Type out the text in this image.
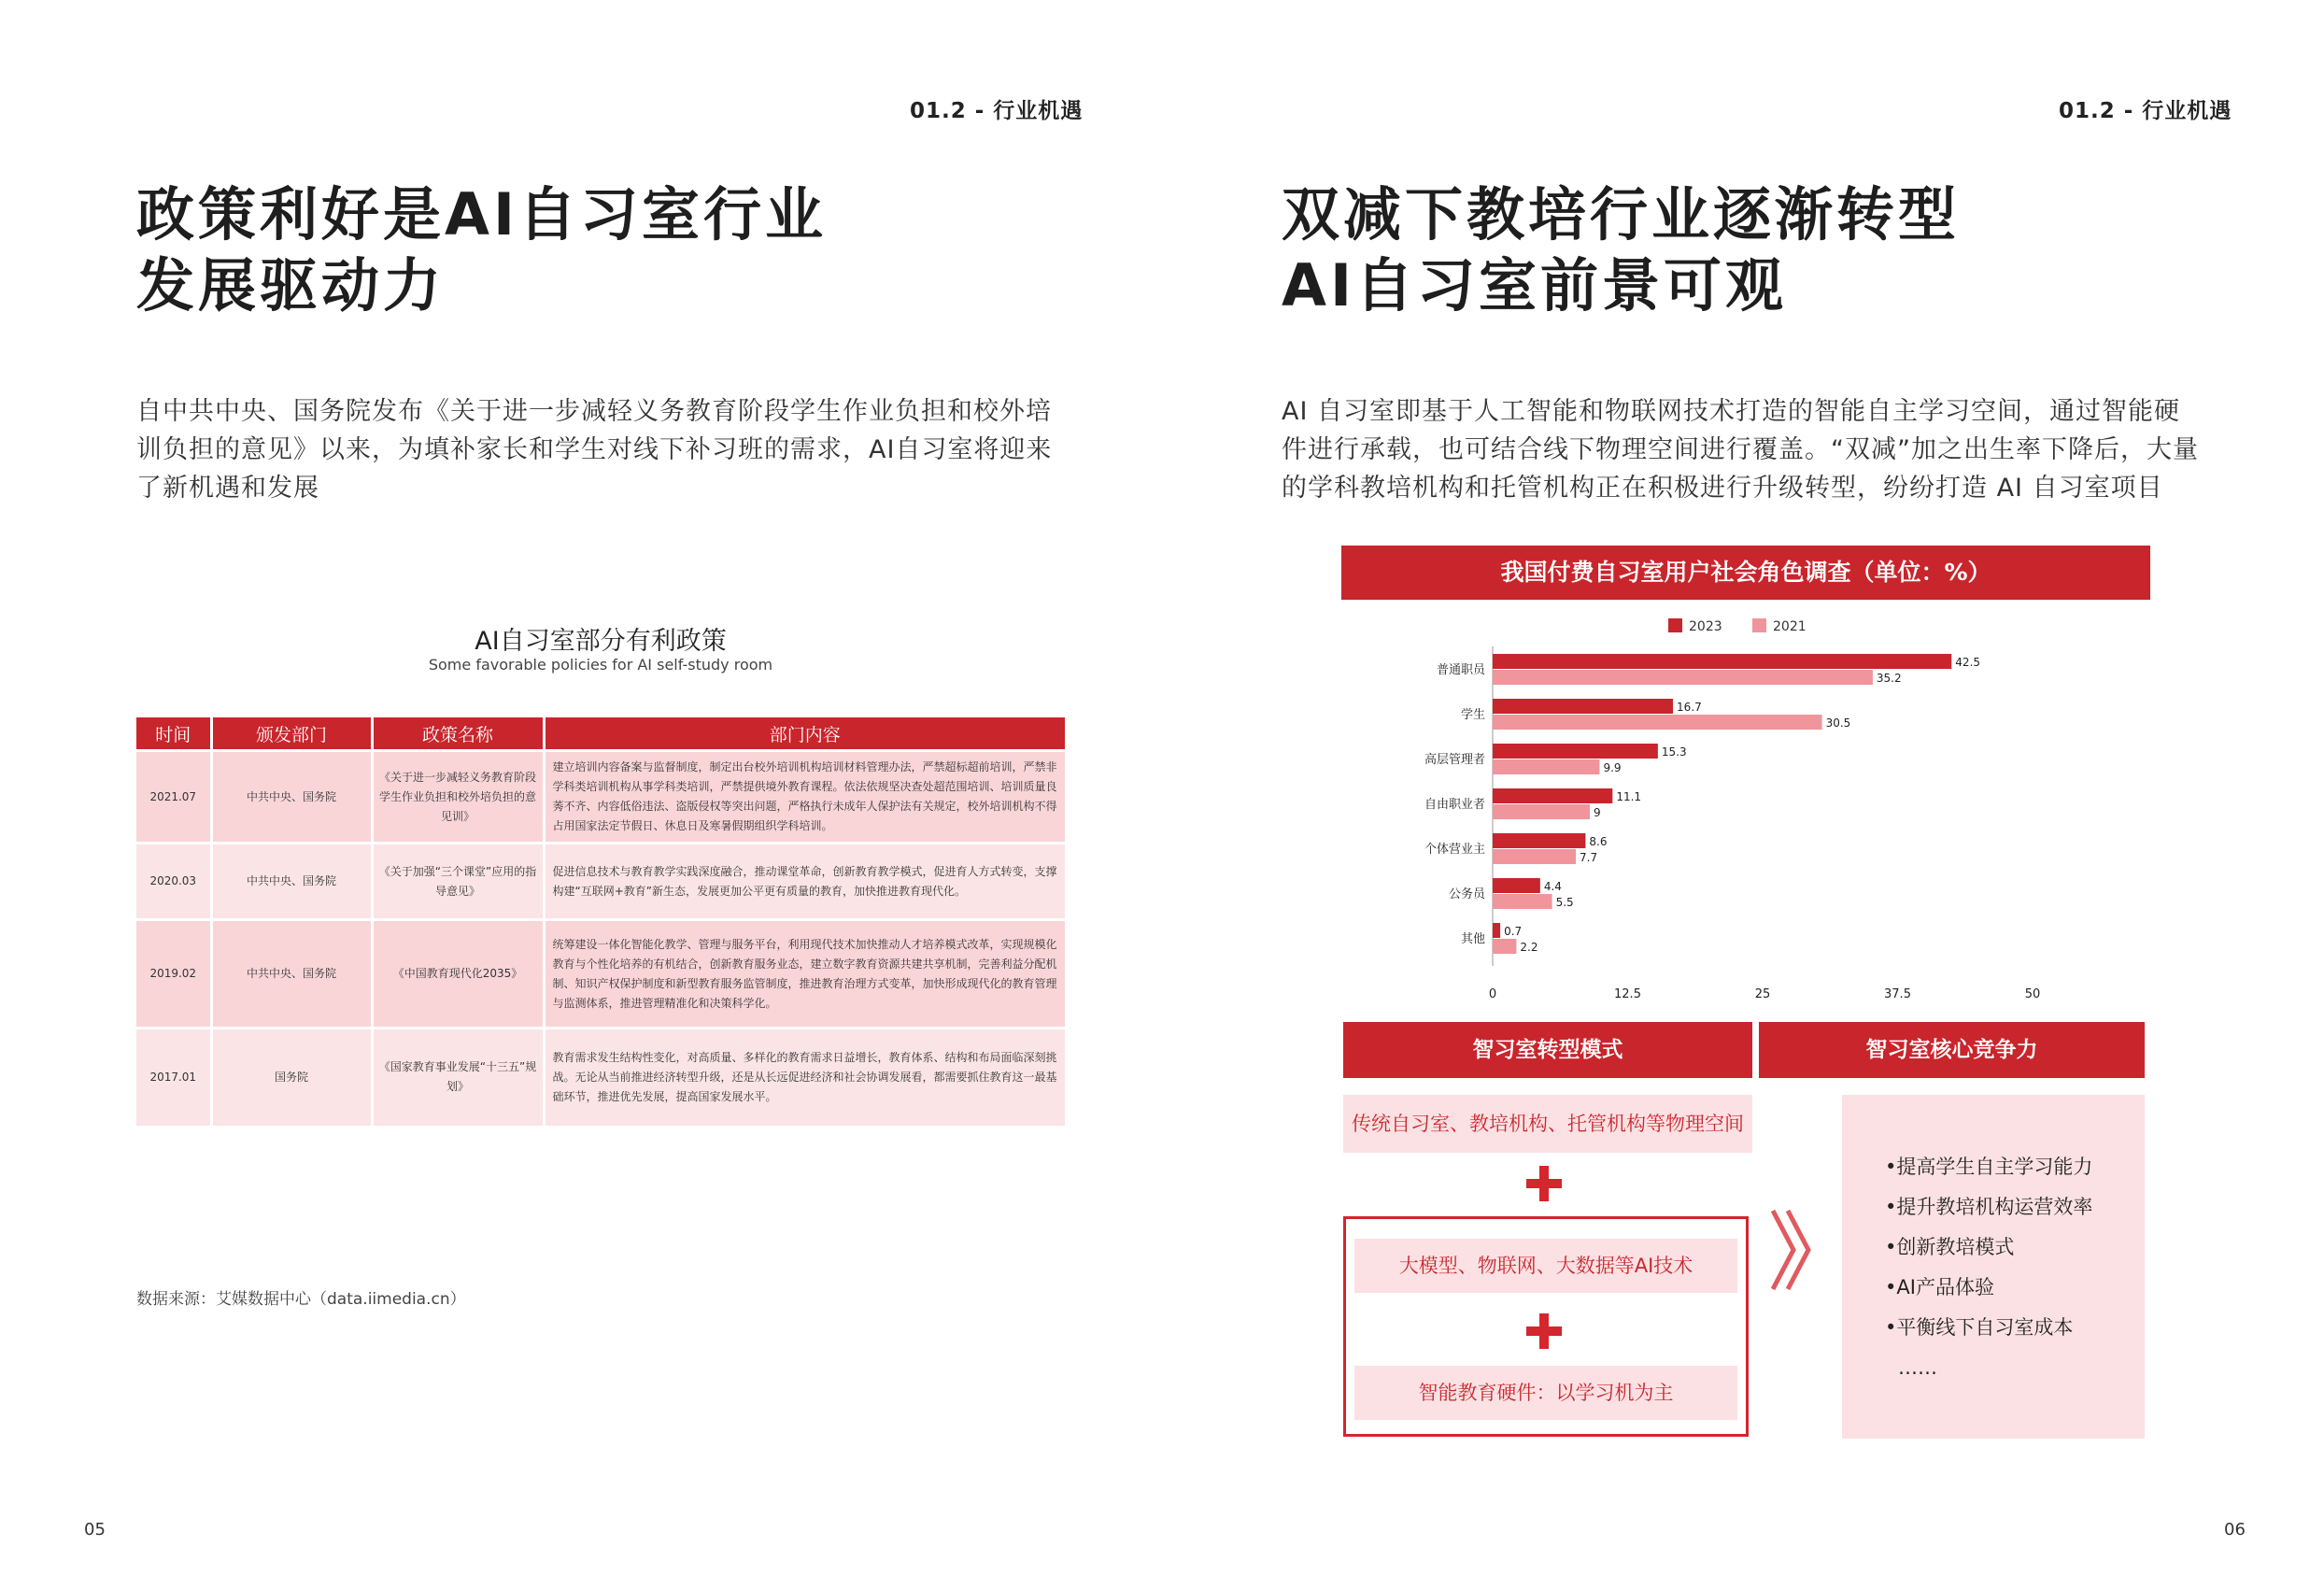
01.2 - 行业机遇
政策利好是AI自习室行业
发展驱动力
自中共中央、国务院发布《关于进一步减轻义务教育阶段学生作业负担和校外培
训负担的意见》以来，为填补家长和学生对线下补习班的需求，AI自习室将迎来
了新机遇和发展
AI自习室部分有利政策
Some favorable policies for AI self-study room
时间	颁发部门	政策名称	部门内容
2021.07	中共中央、国务院	《关于进一步减轻义务教育阶段学生作业负担和校外培负担的意见训》	建立培训内容备案与监督制度，制定出台校外培训机构培训材料管理办法，严禁超标超前培训，严禁非学科类培训机构从事学科类培训，严禁提供境外教育课程。依法依规坚决查处超范围培训、培训质量良莠不齐、内容低俗违法、盗版侵权等突出问题，严格执行未成年人保护法有关规定，校外培训机构不得占用国家法定节假日、休息日及寒暑假期组织学科培训。
2020.03	中共中央、国务院	《关于加强“三个课堂”应用的指导意见》	促进信息技术与教育教学实践深度融合，推动课堂革命，创新教育教学模式，促进育人方式转变，支撑构建“互联网+教育”新生态，发展更加公平更有质量的教育，加快推进教育现代化。
2019.02	中共中央、国务院	《中国教育现代化2035》	统筹建设一体化智能化教学、管理与服务平台，利用现代技术加快推动人才培养模式改革，实现规模化教育与个性化培养的有机结合，创新教育服务业态，建立数字教育资源共建共享机制，完善利益分配机制、知识产权保护制度和新型教育服务监管制度，推进教育治理方式变革，加快形成现代化的教育管理与监测体系，推进管理精准化和决策科学化。
2017.01	国务院	《国家教育事业发展“十三五”规划》	教育需求发生结构性变化，对高质量、多样化的教育需求日益增长，教育体系、结构和布局面临深刻挑战。无论从当前推进经济转型升级，还是从长远促进经济和社会协调发展看，都需要抓住教育这一最基础环节，推进优先发展，提高国家发展水平。
数据来源：艾媒数据中心（data.iimedia.cn）
05
01.2 - 行业机遇
双减下教培行业逐渐转型
AI自习室前景可观
AI 自习室即基于人工智能和物联网技术打造的智能自主学习空间，通过智能硬
件进行承载，也可结合线下物理空间进行覆盖。“双减”加之出生率下降后，大量
的学科教培机构和托管机构正在积极进行升级转型，纷纷打造 AI 自习室项目
我国付费自习室用户社会角色调查（单位：%）
2023	2021
普通职员
42.5
35.2
学生
16.7
30.5
高层管理者
15.3
9.9
自由职业者
11.1
9
个体营业主
8.6
7.7
公务员
4.4
5.5
其他
0.7
2.2
0	12.5	25	37.5	50
智习室转型模式	智习室核心竞争力
传统自习室、教培机构、托管机构等物理空间
大模型、物联网、大数据等AI技术
智能教育硬件：以学习机为主
•提高学生自主学习能力
•提升教培机构运营效率
•创新教培模式
•AI产品体验
•平衡线下自习室成本
……
06
